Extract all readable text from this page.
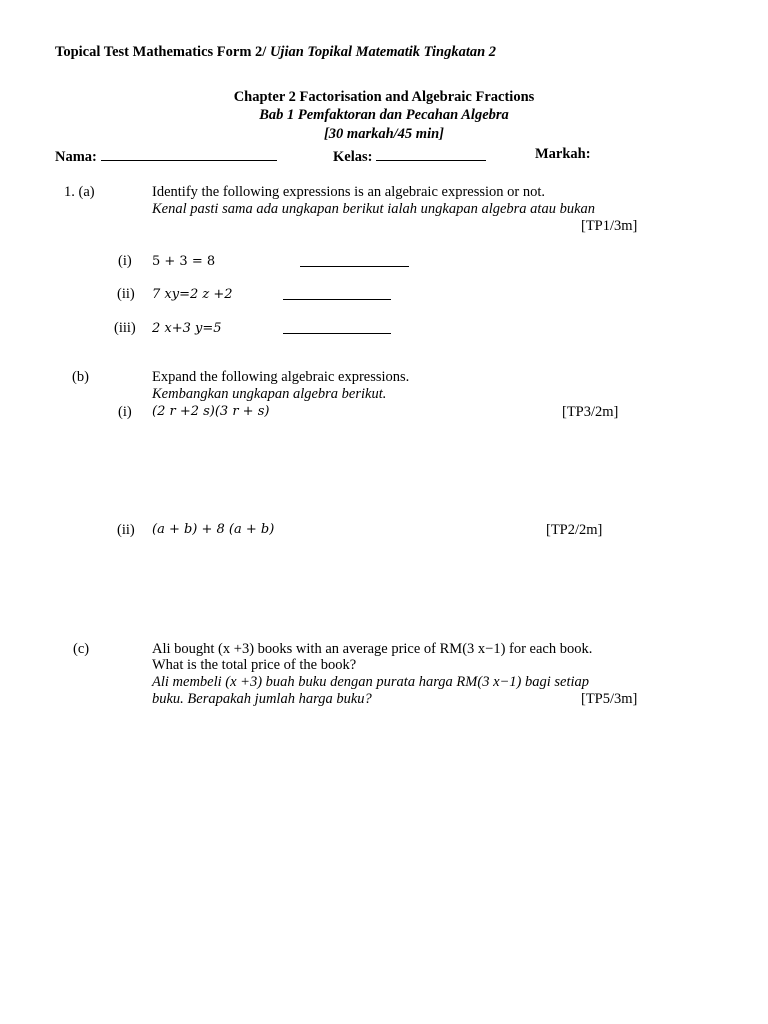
Topical Test Mathematics Form 2/ Ujian Topikal Matematik Tingkatan 2
Chapter 2 Factorisation and Algebraic Fractions
Bab 1 Pemfaktoran dan Pecahan Algebra
[30 markah/45 min]
Nama:	Kelas:	Markah:
1. (a)	Identify the following expressions is an algebraic expression or not.
Kenal pasti sama ada ungkapan berikut ialah ungkapan algebra atau bukan
[TP1/3m]
(i) 5 + 3 = 8
(ii) 7 xy=2 z +2
(iii) 2 x+3 y=5
(b)	Expand the following algebraic expressions.
Kembangkan ungkapan algebra berikut.
(i) (2 r +2 s)(3 r + s)	[TP3/2m]
(ii) (a + b) + 8 (a + b)	[TP2/2m]
(c)	Ali bought (x +3) books with an average price of RM(3 x−1) for each book.
What is the total price of the book?
Ali membeli (x +3) buah buku dengan purata harga RM(3 x−1) bagi setiap
buku. Berapakah jumlah harga buku?	[TP5/3m]
